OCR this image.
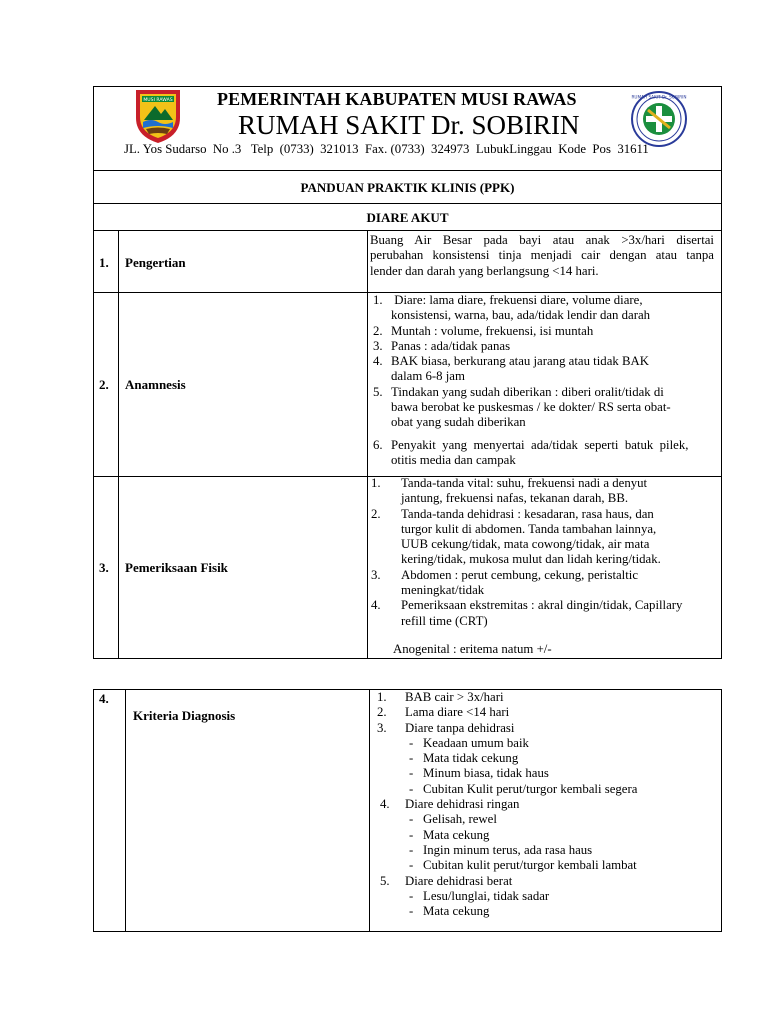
MUSI RAWAS
RUMAH SAKIT Dr. SOBIRIN
PEMERINTAH KABUPATEN MUSI RAWAS
RUMAH SAKIT Dr. SOBIRIN
JL. Yos Sudarso  No .3   Telp  (0733)  321013  Fax. (0733)  324973  LubukLinggau  Kode  Pos  31611
PANDUAN PRAKTIK KLINIS (PPK)
DIARE AKUT
1. Pengertian
Buang Air Besar pada bayi atau anak >3x/hari disertai
perubahan konsistensi tinja menjadi cair dengan atau tanpa
lender dan darah yang berlangsung <14 hari.
2. Anamnesis
1. Diare: lama diare, frekuensi diare, volume diare,
konsistensi, warna, bau, ada/tidak lendir dan darah
2. Muntah : volume, frekuensi, isi muntah
3. Panas : ada/tidak panas
4. BAK biasa, berkurang atau jarang atau tidak BAK
dalam 6-8 jam
5. Tindakan yang sudah diberikan : diberi oralit/tidak di
bawa berobat ke puskesmas / ke dokter/ RS serta obat-
obat yang sudah diberikan
6. Penyakit  yang  menyertai  ada/tidak  seperti  batuk  pilek,
otitis media dan campak
3. Pemeriksaan Fisik
1. Tanda-tanda vital: suhu, frekuensi nadi a denyut
jantung, frekuensi nafas, tekanan darah, BB.
2. Tanda-tanda dehidrasi : kesadaran, rasa haus, dan
turgor kulit di abdomen. Tanda tambahan lainnya,
UUB cekung/tidak, mata cowong/tidak, air mata
kering/tidak, mukosa mulut dan lidah kering/tidak.
3. Abdomen : perut cembung, cekung, peristaltic
meningkat/tidak
4. Pemeriksaan ekstremitas : akral dingin/tidak, Capillary
refill time (CRT)
Anogenital : eritema natum +/-
4.
Kriteria Diagnosis
1. BAB cair > 3x/hari
2. Lama diare <14 hari
3. Diare tanpa dehidrasi
- Keadaan umum baik
- Mata tidak cekung
- Minum biasa, tidak haus
- Cubitan Kulit perut/turgor kembali segera
4. Diare dehidrasi ringan
- Gelisah, rewel
- Mata cekung
- Ingin minum terus, ada rasa haus
- Cubitan kulit perut/turgor kembali lambat
5. Diare dehidrasi berat
- Lesu/lunglai, tidak sadar
- Mata cekung
